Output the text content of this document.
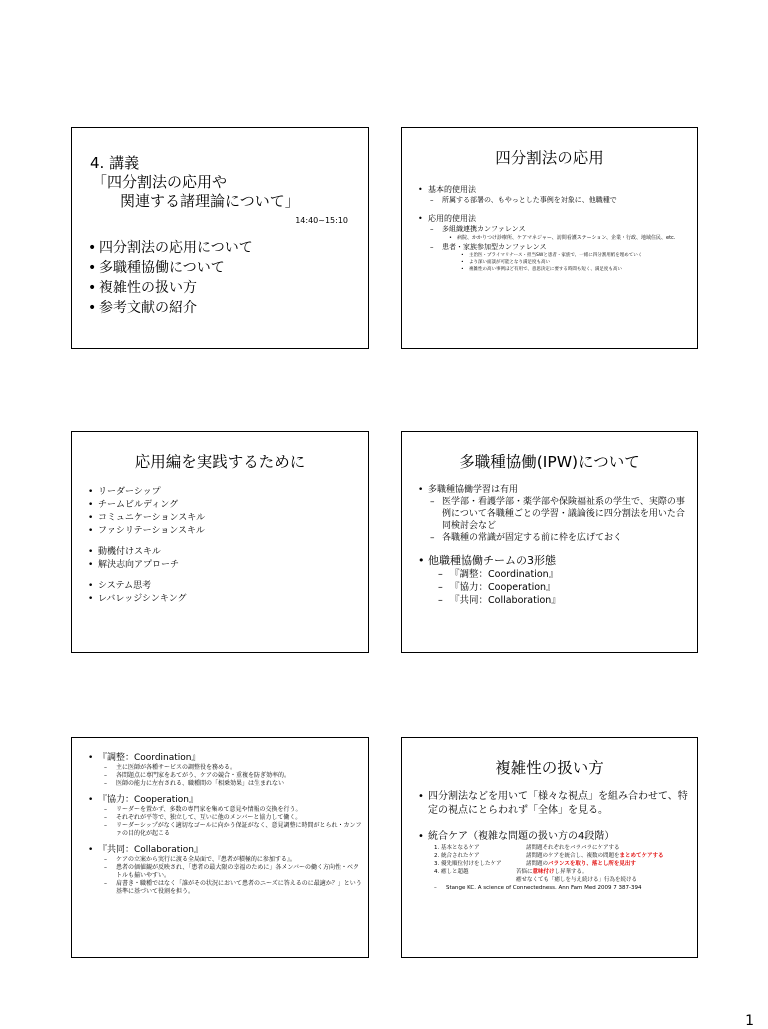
4. 講義
「四分割法の応用や
関連する諸理論について」
14:40~15:10
• 四分割法の応用について
• 多職種協働について
• 複雑性の扱い方
• 参考文献の紹介
四分割法の応用
• 基本的使用法
– 所属する部署の、もやっとした事例を対象に、他職種で
• 応用的使用法
– 多組織連携カンファレンス
• 病院、かかりつけ診療所、ケアマネジャー、訪問看護ステーション、企業・行政、地域住民、etc.
– 患者・家族参加型カンファレンス
• 主治医・プライマリナース・担当SWと患者・家族で、一緒に四分割用紙を埋めていく
• より深い面談が可能となり満足度も高い
• 複雑性の高い事例ほど有用で、意思決定に要する時間も短く、満足度も高い
応用編を実践するために
• リーダーシップ
• チームビルディング
• コミュニケーションスキル
• ファシリテーションスキル
• 動機付けスキル
• 解決志向アプローチ
• システム思考
• レバレッジシンキング
多職種協働(IPW)について
• 多職種協働学習は有用
– 医学部・看護学部・薬学部や保険福祉系の学生で、実際の事例について各職種ごとの学習・議論後に四分割法を用いた合同検討会など
– 各職種の常識が固定する前に枠を広げておく
• 他職種協働チームの3形態
– 『調整：Coordination』
– 『協力：Cooperation』
– 『共同：Collaboration』
• 『調整：Coordination』
– 主に医師が各種サービスの調整役を務める。
– 各問題点に専門家をあてがう、ケアの競合・重複を防ぎ効率的。
– 医師の能力に左右される、職種間の「相乗効果」は生まれない
• 『協力：Cooperation』
– リーダーを置かず、多数の専門家を集めて意見や情報の交換を行う。
– それぞれが平等で、独立して、互いに他のメンバーと協力して働く。
– リーダーシップがなく適切なゴールに向かう保証がなく、意見調整に時間がとられ・カンファの目的化が起こる
• 『共同：Collaboration』
– ケアの立案から実行に渡る全局面で、『患者が積極的に参加する』。
– 患者の価値観が反映され、「患者の最大限の幸福のために」各メンバーの働く方向性・ベクトルも揃いやすい。
– 肩書き・職種ではなく「誰がその状況において患者のニーズに答えるのに最適か？」という基準に基づいて役割を担う。
複雑性の扱い方
• 四分割法などを用いて「様々な視点」を組み合わせて、特定の視点にとらわれず「全体」を見る。
• 統合ケア（複雑な問題の扱い方の4段階）
1. 基本となるケア	諸問題それぞれをバラバラにケアする
2. 統合されたケア	諸問題のケアを統合し、複数の問題をまとめてケアする
3. 優先順位付けをしたケア	諸問題のバランスを取り、落とし所を見出す
4. 癒しと超越	苦悩に意味付けし昇華する。
癒せなくても「癒しを与え続ける」行為を続ける
– Stange KC. A science of Connectedness. Ann Fam Med 2009 7 387-394
1
